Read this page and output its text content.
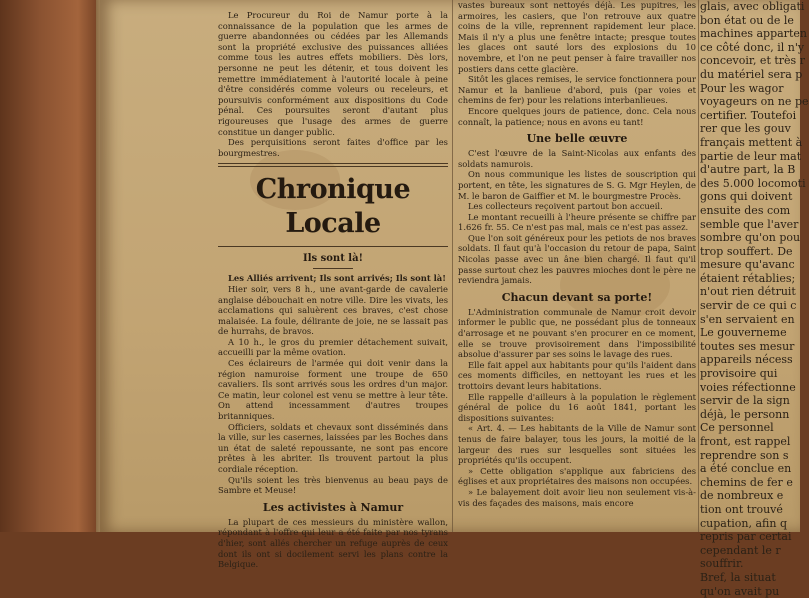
Le Procureur du Roi de Namur porte à la connaissance de la population que les armes de guerre abandonnées ou cédées par les Allemands sont la propriété exclusive des puissances alliées comme tous les autres effets mobiliers. Dès lors, personne ne peut les détenir, et tous doivent les remettre immédiatement à l'autorité locale à peine d'être considérés comme voleurs ou receleurs, et poursuivis conformément aux dispositions du Code pénal. Ces poursuites seront d'autant plus rigoureuses que l'usage des armes de guerre constitue un danger public.

Des perquisitions seront faites d'office par les bourgmestres.

Chronique Locale
Ils sont là!

Les Alliés arrivent; Ils sont arrivés; Ils sont là!

Hier soir, vers 8 h., une avant-garde de cavalerie anglaise débouchait en notre ville. Dire les vivats, les acclamations qui saluèrent ces braves, c'est chose malaisée. La foule, délirante de joie, ne se lassait pas de hurrahs, de bravos.

A 10 h., le gros du premier détachement suivait, accueilli par la même ovation.

Ces éclaireurs de l'armée qui doit venir dans la région namuroise forment une troupe de 650 cavaliers. Ils sont arrivés sous les ordres d'un major. Ce matin, leur colonel est venu se mettre à leur tête. On attend incessamment d'autres troupes britanniques.

Officiers, soldats et chevaux sont disséminés dans la ville, sur les casernes, laissées par les Boches dans un état de saleté repoussante, ne sont pas encore prêtes à les abriter. Ils trouvent partout la plus cordiale réception.

Qu'ils soient les très bienvenus au beau pays de Sambre et Meuse!

Les activistes à Namur

La plupart de ces messieurs du ministère wallon, répondant à l'offre qui leur a été faite par nos tyrans d'hier, sont allés chercher un refuge auprès de ceux dont ils ont si docilement servi les plans contre la Belgique.

vastes bureaux sont nettoyés déjà. Les pupitres, les armoires, les casiers, que l'on retrouve aux quatre coins de la ville, reprennent rapidement leur place. Mais il n'y a plus une fenêtre intacte; presque toutes les glaces ont sauté lors des explosions du 10 novembre, et l'on ne peut penser à faire travailler nos postiers dans cette glacière.

Sitôt les glaces remises, le service fonctionnera pour Namur et la banlieue d'abord, puis (par voies et chemins de fer) pour les relations interbanlieues.

Encore quelques jours de patience, donc. Cela nous connaît, la patience; nous en avons eu tant!

Une belle œuvre

C'est l'œuvre de la Saint-Nicolas aux enfants des soldats namurois.

On nous communique les listes de souscription qui portent, en tête, les signatures de S. G. Mgr Heylen, de M. le baron de Gaiffier et M. le bourgmestre Procès.

Les collecteurs reçoivent partout bon accueil.

Le montant recueilli à l'heure présente se chiffre par 1.626 fr. 55. Ce n'est pas mal, mais ce n'est pas assez.

Que l'on soit généreux pour les petiots de nos braves soldats. Il faut qu'à l'occasion du retour de papa, Saint Nicolas passe avec un âne bien chargé. Il faut qu'il passe surtout chez les pauvres mioches dont le père ne reviendra jamais.

Chacun devant sa porte!

L'Administration communale de Namur croit devoir informer le public que, ne possédant plus de tonneaux d'arrosage et ne pouvant s'en procurer en ce moment, elle se trouve provisoirement dans l'impossibilité absolue d'assurer par ses soins le lavage des rues.

Elle fait appel aux habitants pour qu'ils l'aident dans ces moments difficiles, en nettoyant les rues et les trottoirs devant leurs habitations.

Elle rappelle d'ailleurs à la population le règlement général de police du 16 août 1841, portant les dispositions suivantes:

« Art. 4. — Les habitants de la Ville de Namur sont tenus de faire balayer, tous les jours, la moitié de la largeur des rues sur lesquelles sont situées les propriétés qu'ils occupent.

» Cette obligation s'applique aux fabriciens des églises et aux propriétaires des maisons non occupées.

» Le balayement doit avoir lieu non seulement vis-à-vis des façades des maisons, mais encore

glais, avec obligati

bon état ou de le

machines apparten

ce côté donc, il n'y

concevoir, et très r

du matériel sera p

Pour les wagor

voyageurs on ne pe

certifier. Toutefoi

rer que les gouv

français mettent à

partie de leur mat

d'autre part, la B

des 5.000 locomoti

gons qui doivent

ensuite des com

semble que l'aver

sombre qu'on pou

trop souffert. De

mesure qu'avanc

étaient rétablies;

n'out rien détruit

servir de ce qui c

s'en servaient en

Le gouverneme

toutes ses mesur

appareils nécess

provisoire qui

voies réfectionne

servir de la sign

déjà, le personn

Ce personnel

front, est rappel

reprendre son s

a été conclue en

chemins de fer e

de nombreux e

tion ont trouvé

cupation, afin q

repris par certai

cependant le r

souffrir.

Bref, la situat

qu'on avait pu
